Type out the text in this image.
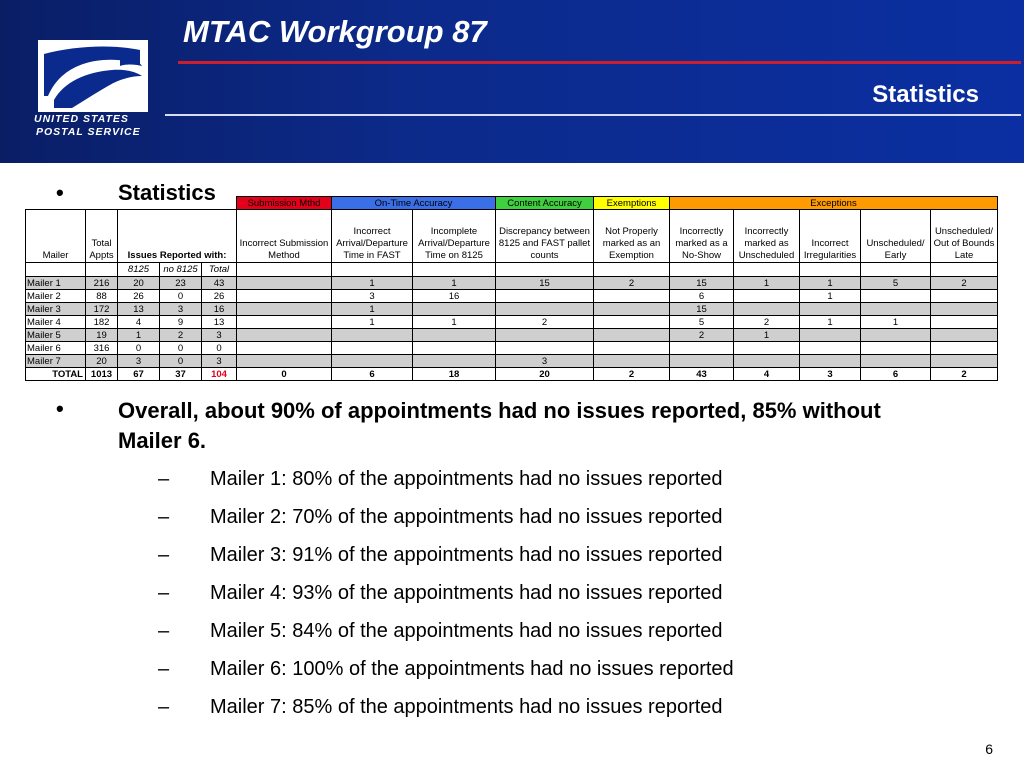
UNITED STATES
POSTAL SERVICE
MTAC Workgroup 87
Statistics
• Statistics
						Submission Mthd	On-Time Accuracy		Content Accuracy	Exemptions	Exceptions				
Mailer	Total Appts	Issues Reported with:			Incorrect Submission Method	Incorrect Arrival/Departure Time in FAST	Incomplete Arrival/Departure Time on 8125	Discrepancy between 8125 and FAST pallet counts	Not Properly marked as an Exemption	Incorrectly marked as a No-Show	Incorrectly marked as Unscheduled	Incorrect Irregularities	Unscheduled/ Early	Unscheduled/ Out of Bounds Late
		8125	no 8125	Total										
Mailer 1	216	20	23	43		1	1	15	2	15	1	1	5	2
Mailer 2	88	26	0	26		3	16			6		1		
Mailer 3	172	13	3	16		1				15				
Mailer 4	182	4	9	13		1	1	2		5	2	1	1	
Mailer 5	19	1	2	3						2	1			
Mailer 6	316	0	0	0										
Mailer 7	20	3	0	3				3						
TOTAL	1013	67	37	104	0	6	18	20	2	43	4	3	6	2
• Overall, about 90% of appointments had no issues reported, 85% without Mailer 6.
– Mailer 1: 80% of the appointments had no issues reported
– Mailer 2: 70% of the appointments had no issues reported
– Mailer 3: 91% of the appointments had no issues reported
– Mailer 4: 93% of the appointments had no issues reported
– Mailer 5: 84% of the appointments had no issues reported
– Mailer 6: 100% of the appointments had no issues reported
– Mailer 7: 85% of the appointments had no issues reported
6
